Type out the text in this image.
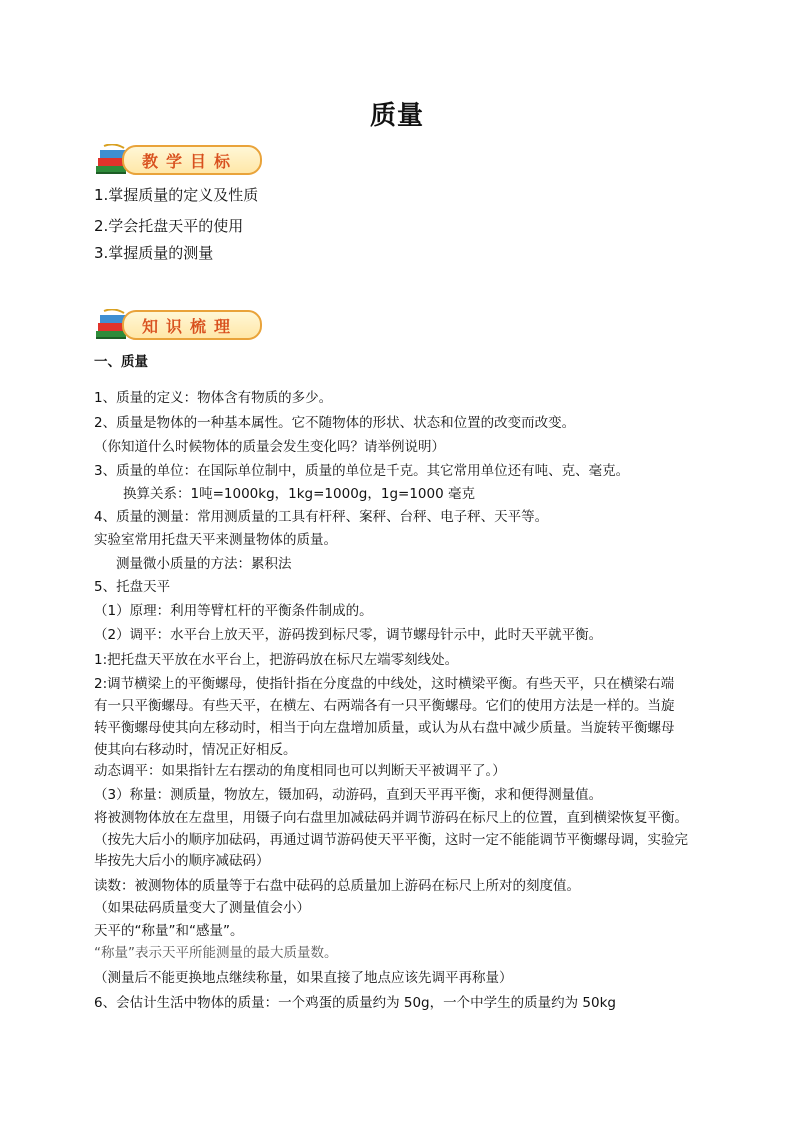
质量
教学目标
1.掌握质量的定义及性质
2.学会托盘天平的使用
3.掌握质量的测量
知识梳理
一、质量
1、质量的定义：物体含有物质的多少。
2、质量是物体的一种基本属性。它不随物体的形状、状态和位置的改变而改变。
（你知道什么时候物体的质量会发生变化吗？请举例说明）
3、质量的单位：在国际单位制中，质量的单位是千克。其它常用单位还有吨、克、毫克。
换算关系：1吨=1000kg，1kg=1000g，1g=1000 毫克
4、质量的测量：常用测质量的工具有杆秤、案秤、台秤、电子秤、天平等。
实验室常用托盘天平来测量物体的质量。
测量微小质量的方法：累积法
5、托盘天平
（1）原理：利用等臂杠杆的平衡条件制成的。
（2）调平：水平台上放天平，游码拨到标尺零，调节螺母针示中，此时天平就平衡。
1:把托盘天平放在水平台上，把游码放在标尺左端零刻线处。
2:调节横梁上的平衡螺母，使指针指在分度盘的中线处，这时横梁平衡。有些天平，只在横梁右端
有一只平衡螺母。有些天平，在横左、右两端各有一只平衡螺母。它们的使用方法是一样的。当旋
转平衡螺母使其向左移动时，相当于向左盘增加质量，或认为从右盘中减少质量。当旋转平衡螺母
使其向右移动时，情况正好相反。
动态调平：如果指针左右摆动的角度相同也可以判断天平被调平了。）
（3）称量：测质量，物放左，镊加码，动游码，直到天平再平衡，求和便得测量值。
将被测物体放在左盘里，用镊子向右盘里加减砝码并调节游码在标尺上的位置，直到横梁恢复平衡。
（按先大后小的顺序加砝码，再通过调节游码使天平平衡，这时一定不能能调节平衡螺母调，实验完
毕按先大后小的顺序减砝码）
读数：被测物体的质量等于右盘中砝码的总质量加上游码在标尺上所对的刻度值。
（如果砝码质量变大了测量值会小）
天平的“称量”和“感量”。
“称量”表示天平所能测量的最大质量数。
（测量后不能更换地点继续称量，如果直接了地点应该先调平再称量）
6、会估计生活中物体的质量：一个鸡蛋的质量约为 50g，一个中学生的质量约为 50kg
